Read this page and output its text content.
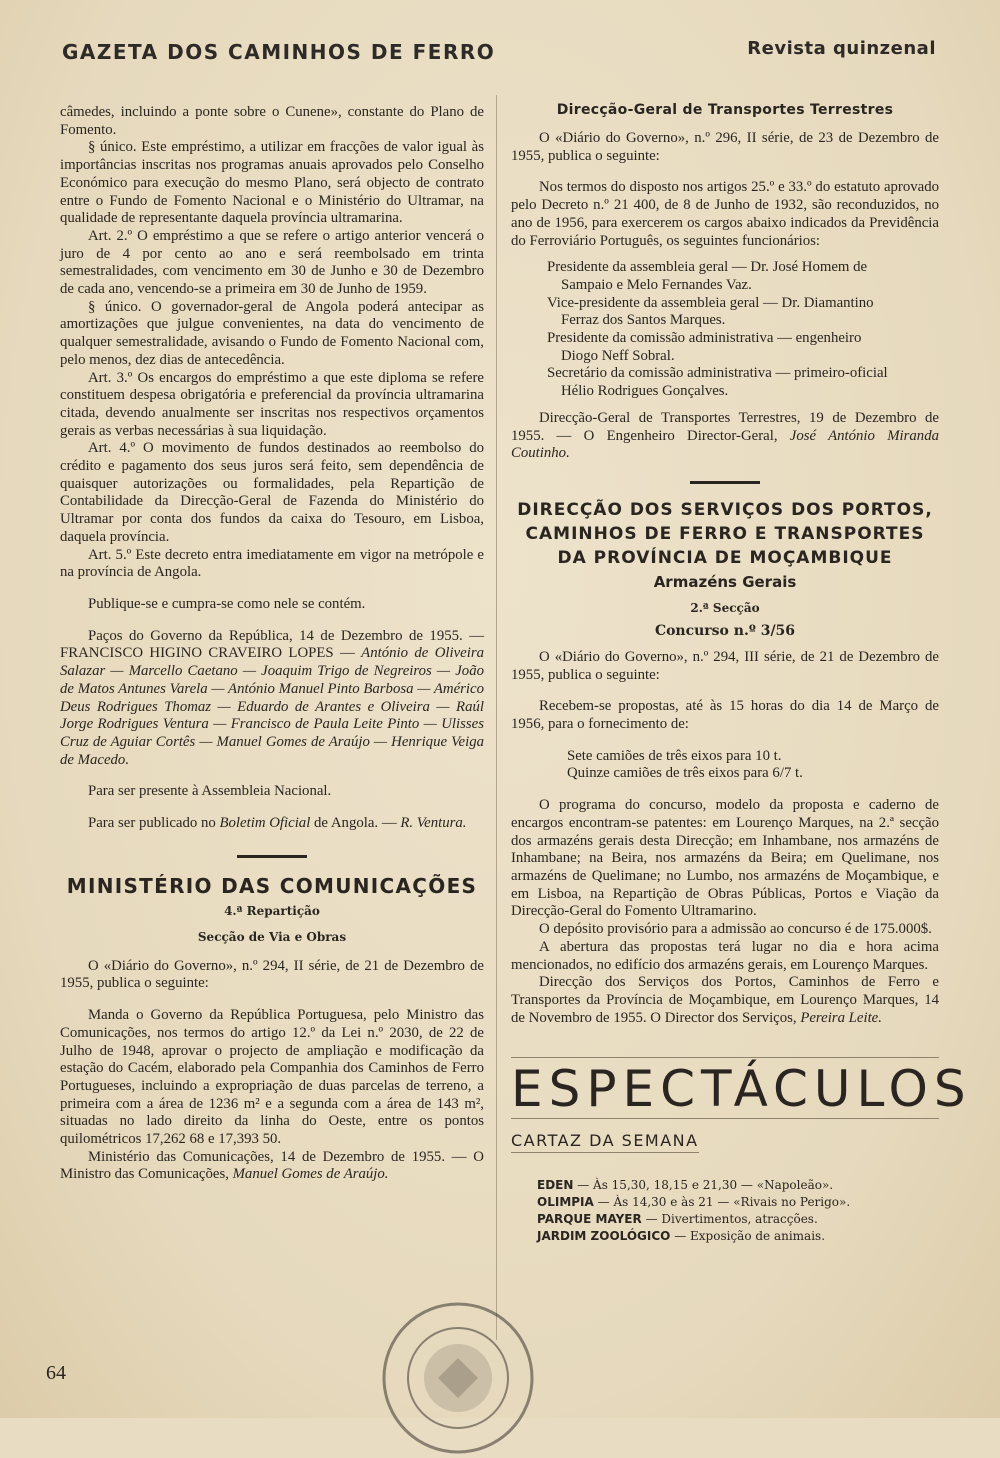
GAZETA DOS CAMINHOS DE FERRO	Revista quinzenal

câmedes, incluindo a ponte sobre o Cunene», constante do Plano de Fomento.

§ único. Este empréstimo, a utilizar em fracções de valor igual às importâncias inscritas nos programas anuais aprovados pelo Conselho Económico para execução do mesmo Plano, será objecto de contrato entre o Fundo de Fomento Nacional e o Ministério do Ultramar, na qualidade de representante daquela província ultramarina.

Art. 2.º O empréstimo a que se refere o artigo anterior vencerá o juro de 4 por cento ao ano e será reembolsado em trinta semestralidades, com vencimento em 30 de Junho e 30 de Dezembro de cada ano, vencendo-se a primeira em 30 de Junho de 1959.

§ único. O governador-geral de Angola poderá antecipar as amortizações que julgue convenientes, na data do vencimento de qualquer semestralidade, avisando o Fundo de Fomento Nacional com, pelo menos, dez dias de antecedência.

Art. 3.º Os encargos do empréstimo a que este diploma se refere constituem despesa obrigatória e preferencial da província ultramarina citada, devendo anualmente ser inscritas nos respectivos orçamentos gerais as verbas necessárias à sua liquidação.

Art. 4.º O movimento de fundos destinados ao reembolso do crédito e pagamento dos seus juros será feito, sem dependência de quaisquer autorizações ou formalidades, pela Repartição de Contabilidade da Direcção-Geral de Fazenda do Ministério do Ultramar por conta dos fundos da caixa do Tesouro, em Lisboa, daquela província.

Art. 5.º Este decreto entra imediatamente em vigor na metrópole e na província de Angola.

Publique-se e cumpra-se como nele se contém.

Paços do Governo da República, 14 de Dezembro de 1955. — FRANCISCO HIGINO CRAVEIRO LOPES — António de Oliveira Salazar — Marcello Caetano — Joaquim Trigo de Negreiros — João de Matos Antunes Varela — António Manuel Pinto Barbosa — Américo Deus Rodrigues Thomaz — Eduardo de Arantes e Oliveira — Raúl Jorge Rodrigues Ventura — Francisco de Paula Leite Pinto — Ulisses Cruz de Aguiar Cortês — Manuel Gomes de Araújo — Henrique Veiga de Macedo.

Para ser presente à Assembleia Nacional.

Para ser publicado no Boletim Oficial de Angola. — R. Ventura.

MINISTÉRIO DAS COMUNICAÇÕES
4.ª Repartição
Secção de Via e Obras

O «Diário do Governo», n.º 294, II série, de 21 de Dezembro de 1955, publica o seguinte:

Manda o Governo da República Portuguesa, pelo Ministro das Comunicações, nos termos do artigo 12.º da Lei n.º 2030, de 22 de Julho de 1948, aprovar o projecto de ampliação e modificação da estação do Cacém, elaborado pela Companhia dos Caminhos de Ferro Portugueses, incluindo a expropriação de duas parcelas de terreno, a primeira com a área de 1236 m² e a segunda com a área de 143 m², situadas no lado direito da linha do Oeste, entre os pontos quilométricos 17,262 68 e 17,393 50.

Ministério das Comunicações, 14 de Dezembro de 1955. — O Ministro das Comunicações, Manuel Gomes de Araújo.

Direcção-Geral de Transportes Terrestres

O «Diário do Governo», n.º 296, II série, de 23 de Dezembro de 1955, publica o seguinte:

Nos termos do disposto nos artigos 25.º e 33.º do estatuto aprovado pelo Decreto n.º 21 400, de 8 de Junho de 1932, são reconduzidos, no ano de 1956, para exercerem os cargos abaixo indicados da Previdência do Ferroviário Português, os seguintes funcionários:

Presidente da assembleia geral — Dr. José Homem de
Sampaio e Melo Fernandes Vaz.

Vice-presidente da assembleia geral — Dr. Diamantino
Ferraz dos Santos Marques.

Presidente da comissão administrativa — engenheiro
Diogo Neff Sobral.

Secretário da comissão administrativa — primeiro-oficial
Hélio Rodrigues Gonçalves.

Direcção-Geral de Transportes Terrestres, 19 de Dezembro de 1955. — O Engenheiro Director-Geral, José António Miranda Coutinho.

DIRECÇÃO DOS SERVIÇOS DOS PORTOS,
CAMINHOS DE FERRO E TRANSPORTES
DA PROVÍNCIA DE MOÇAMBIQUE
Armazéns Gerais
2.ª Secção
Concurso n.º 3/56

O «Diário do Governo», n.º 294, III série, de 21 de Dezembro de 1955, publica o seguinte:

Recebem-se propostas, até às 15 horas do dia 14 de Março de 1956, para o fornecimento de:

Sete camiões de três eixos para 10 t.

Quinze camiões de três eixos para 6/7 t.

O programa do concurso, modelo da proposta e caderno de encargos encontram-se patentes: em Lourenço Marques, na 2.ª secção dos armazéns gerais desta Direcção; em Inhambane, nos armazéns de Inhambane; na Beira, nos armazéns da Beira; em Quelimane, nos armazéns de Quelimane; no Lumbo, nos armazéns de Moçambique, e em Lisboa, na Repartição de Obras Públicas, Portos e Viação da Direcção-Geral do Fomento Ultramarino.

O depósito provisório para a admissão ao concurso é de 175.000$.

A abertura das propostas terá lugar no dia e hora acima mencionados, no edifício dos armazéns gerais, em Lourenço Marques.

Direcção dos Serviços dos Portos, Caminhos de Ferro e Transportes da Província de Moçambique, em Lourenço Marques, 14 de Novembro de 1955. O Director dos Serviços, Pereira Leite.

ESPECTÁCULOS
CARTAZ DA SEMANA

EDEN — Às 15,30, 18,15 e 21,30 — «Napoleão».

OLIMPIA — Às 14,30 e às 21 — «Rivais no Perigo».

PARQUE MAYER — Divertimentos, atracções.

JARDIM ZOOLÓGICO — Exposição de animais.

64
